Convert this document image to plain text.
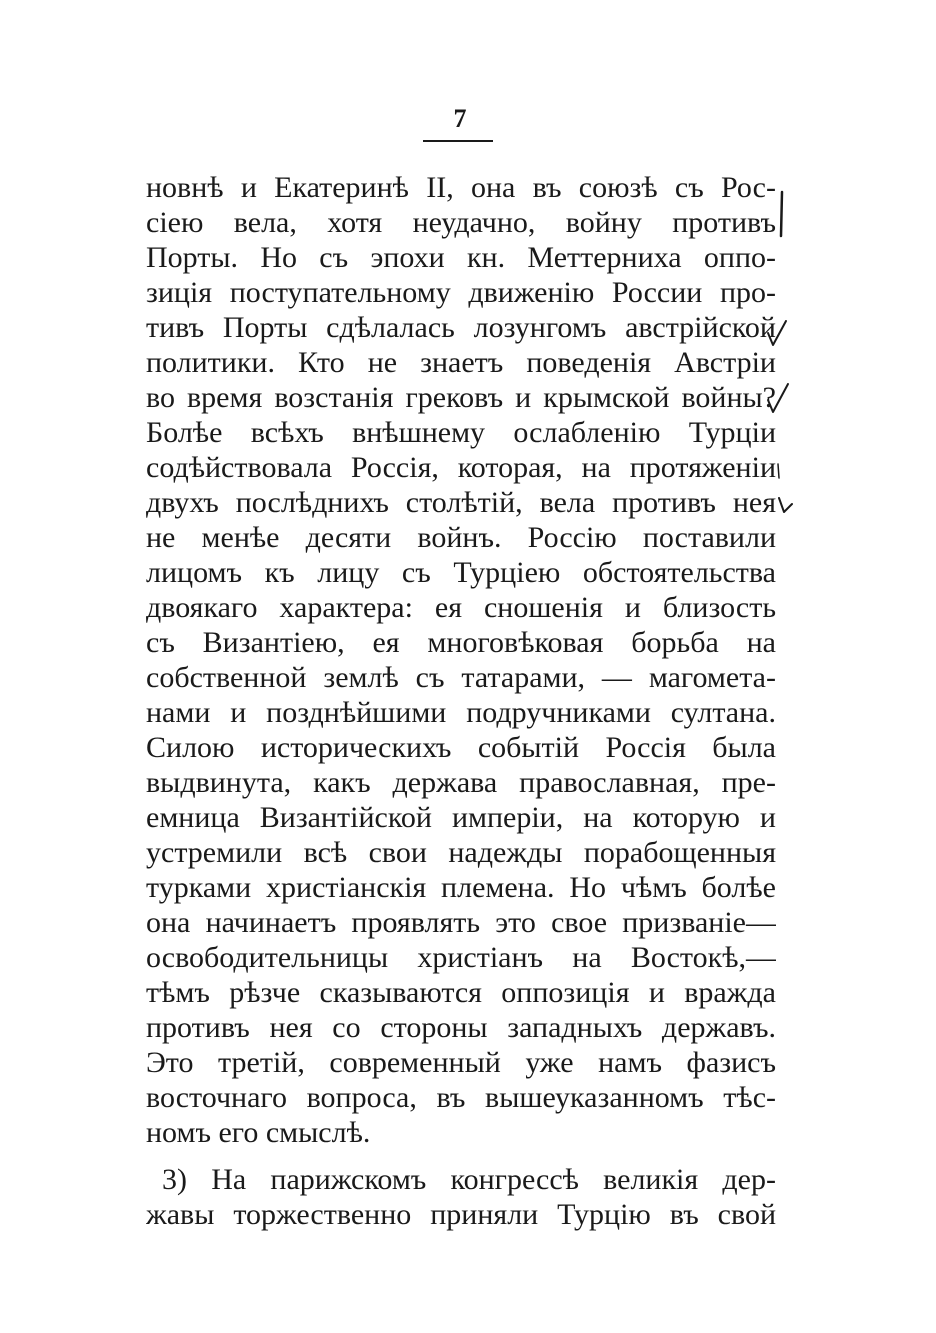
7
новнѣ и Екатеринѣ II, она въ союзѣ съ Рос-
сіею вела, хотя неудачно, войну противъ
Порты. Но съ эпохи кн. Меттерниха оппо-
зиція поступательному движенію России про-
тивъ Порты сдѣлалась лозунгомъ австрійской
политики. Кто не знаетъ поведенія Австріи
во время возстанія грековъ и крымской войны?
Болѣе всѣхъ внѣшнему ослабленію Турціи
содѣйствовала Россія, которая, на протяженіи
двухъ послѣднихъ столѣтій, вела противъ нея
не менѣе десяти войнъ. Россію поставили
лицомъ къ лицу съ Турціею обстоятельства
двоякаго характера: ея сношенія и близость
съ Византіею, ея многовѣковая борьба на
собственной землѣ съ татарами, — магомета-
нами и позднѣйшими подручниками султана.
Силою историческихъ событій Россія была
выдвинута, какъ держава православная, пре-
емница Византійской имперіи, на которую и
устремили всѣ свои надежды порабощенныя
турками христіанскія племена. Но чѣмъ болѣе
она начинаетъ проявлять это свое призваніе—
освободительницы христіанъ на Востокѣ,—
тѣмъ рѣзче сказываются оппозиція и вражда
противъ нея со стороны западныхъ державъ.
Это третій, современный уже намъ фазисъ
восточнаго вопроса, въ вышеуказанномъ тѣс-
номъ его смыслѣ.
3) На парижскомъ конгрессѣ великія дер-
жавы торжественно приняли Турцію въ свой
